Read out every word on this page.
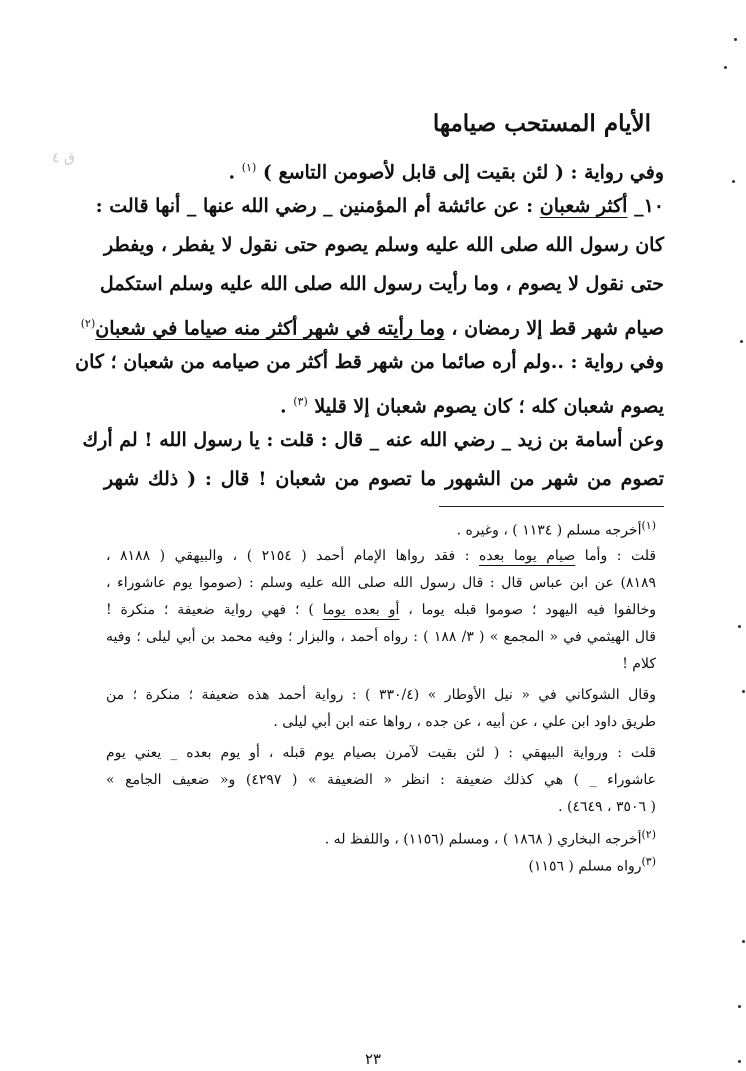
الأيام المستحب صيامها
ق ٤
وفي رواية : ( لئن بقيت إلى قابل لأصومن التاسع ) $^{(١)}$ .
١٠_ أكثر شعبان : عن عائشة أم المؤمنين _ رضي الله عنها _ أنها قالت :
كان رسول الله صلى الله عليه وسلم يصوم حتى نقول لا يفطر ، ويفطر
حتى نقول لا يصوم ، وما رأيت رسول الله صلى الله عليه وسلم استكمل
صيام شهر قط إلا رمضان ، وما رأيته في شهر أكثر منه صياما في شعبان$^{(٢)}$
وفي رواية : ..ولم أره صائما من شهر قط أكثر من صيامه من شعبان ؛ كان
يصوم شعبان كله ؛ كان يصوم شعبان إلا قليلا $^{(٣)}$ .
وعن أسامة بن زيد _ رضي الله عنه _ قال : قلت : يا رسول الله ! لم أرك
تصوم من شهر من الشهور ما تصوم من شعبان ! قال : ( ذلك شهر
$^{(١)}$أخرجه مسلم ( ١١٣٤ ) ، وغيره .
قلت : وأما صيام يوما بعده : فقد رواها الإمام أحمد ( ٢١٥٤ ) ، والبيهقي ( ٨١٨٨ ،
٨١٨٩) عن ابن عباس قال : قال رسول الله صلى الله عليه وسلم : (صوموا يوم عاشوراء ،
وخالفوا فيه اليهود ؛ صوموا قبله يوما ، أو بعده يوما ) ؛ فهي رواية ضعيفة ؛ منكرة !
قال الهيثمي في « المجمع » ( ٣/ ١٨٨ ) : رواه أحمد ، والبزار ؛ وفيه محمد بن أبي ليلى ؛ وفيه
كلام !
وقال الشوكاني في « نيل الأوطار » (٣٣٠/٤ ) : رواية أحمد هذه ضعيفة ؛ منكرة ؛ من
طريق داود ابن علي ، عن أبيه ، عن جده ، رواها عنه ابن أبي ليلى .
قلت : ورواية البيهقي : ( لئن بقيت لآمرن بصيام يوم قبله ، أو يوم بعده _ يعني يوم
عاشوراء _ ) هي كذلك ضعيفة : انظر « الضعيفة » ( ٤٢٩٧) و« ضعيف الجامع »
( ٣٥٠٦ ، ٤٦٤٩) .
$^{(٢)}$أخرجه البخاري ( ١٨٦٨ ) ، ومسلم (١١٥٦) ، واللفظ له .
$^{(٣)}$رواه مسلم ( ١١٥٦)
٢٣
